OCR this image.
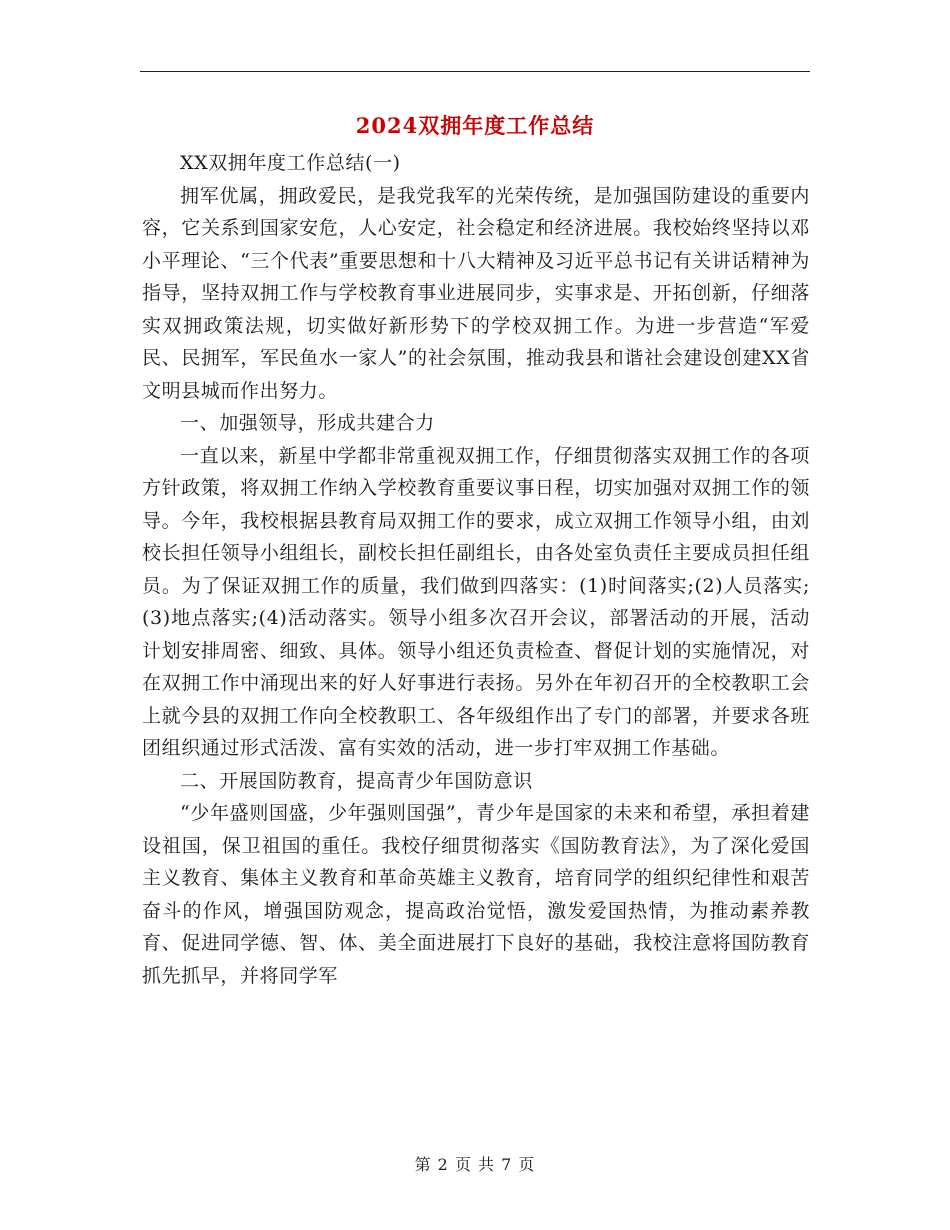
2024双拥年度工作总结

XX双拥年度工作总结(一)

拥军优属，拥政爱民，是我党我军的光荣传统，是加强国防建设的重要内容，它关系到国家安危，人心安定，社会稳定和经济进展。我校始终坚持以邓小平理论、“三个代表”重要思想和十八大精神及习近平总书记有关讲话精神为指导，坚持双拥工作与学校教育事业进展同步，实事求是、开拓创新，仔细落实双拥政策法规，切实做好新形势下的学校双拥工作。为进一步营造“军爱民、民拥军，军民鱼水一家人”的社会氛围，推动我县和谐社会建设创建XX省文明县城而作出努力。

一、加强领导，形成共建合力

一直以来，新星中学都非常重视双拥工作，仔细贯彻落实双拥工作的各项方针政策，将双拥工作纳入学校教育重要议事日程，切实加强对双拥工作的领导。今年，我校根据县教育局双拥工作的要求，成立双拥工作领导小组，由刘校长担任领导小组组长，副校长担任副组长，由各处室负责任主要成员担任组员。为了保证双拥工作的质量，我们做到四落实：(1)时间落实;(2)人员落实;(3)地点落实;(4)活动落实。领导小组多次召开会议，部署活动的开展，活动计划安排周密、细致、具体。领导小组还负责检查、督促计划的实施情况，对在双拥工作中涌现出来的好人好事进行表扬。另外在年初召开的全校教职工会上就今县的双拥工作向全校教职工、各年级组作出了专门的部署，并要求各班团组织通过形式活泼、富有实效的活动，进一步打牢双拥工作基础。

二、开展国防教育，提高青少年国防意识

“少年盛则国盛，少年强则国强”，青少年是国家的未来和希望，承担着建设祖国，保卫祖国的重任。我校仔细贯彻落实《国防教育法》，为了深化爱国主义教育、集体主义教育和革命英雄主义教育，培育同学的组织纪律性和艰苦奋斗的作风，增强国防观念，提高政治觉悟，激发爱国热情，为推动素养教育、促进同学德、智、体、美全面进展打下良好的基础，我校注意将国防教育抓先抓早，并将同学军

第 2 页 共 7 页
